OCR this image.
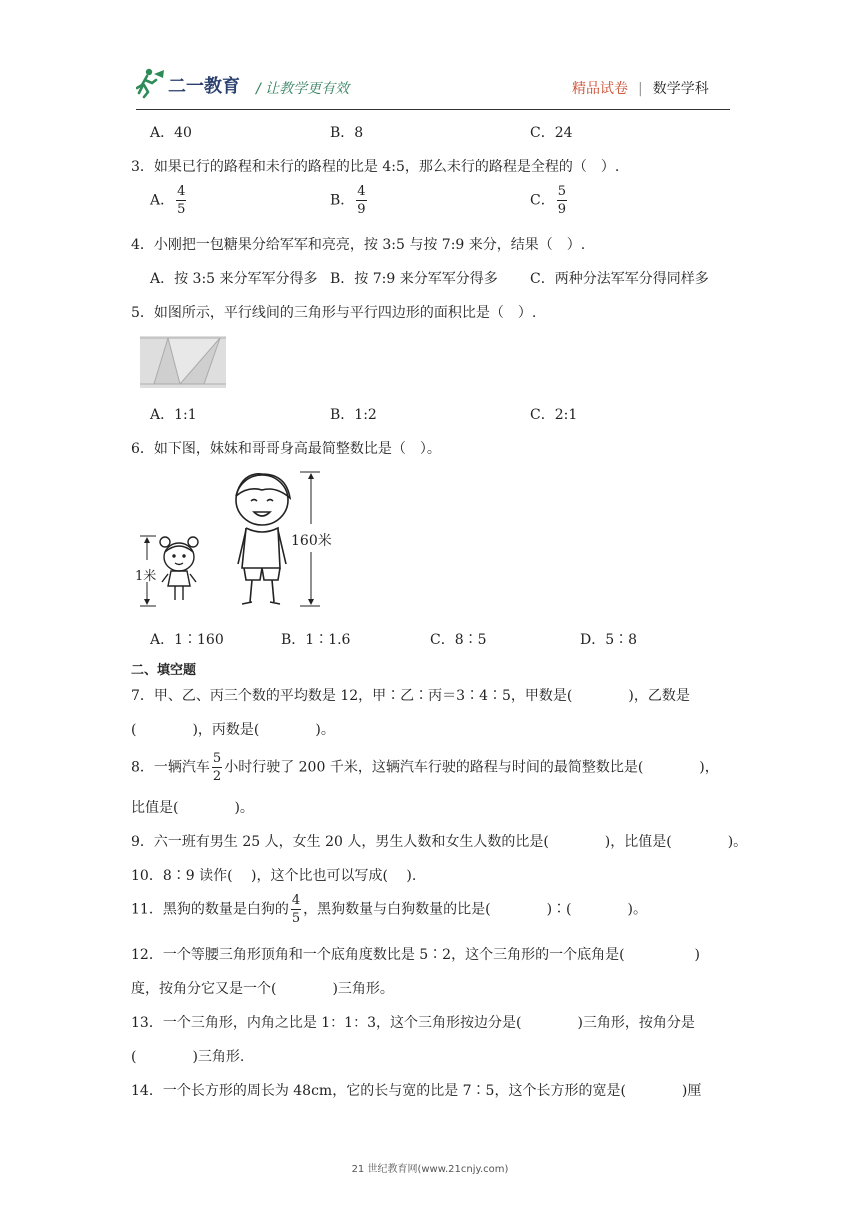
二一教育 / 让教学更有效	精品试卷 | 数学学科
A．40	B．8	C．24
3．如果已行的路程和未行的路程的比是 4:5，那么未行的路程是全程的（　）.
A． $\frac{4}{5}$	B． $\frac{4}{9}$	C． $\frac{5}{9}$
4．小刚把一包糖果分给军军和亮亮，按 3:5 与按 7:9 来分，结果（　）.
A．按 3:5 来分军军分得多 B．按 7:9 来分军军分得多 C．两种分法军军分得同样多
5．如图所示，平行线间的三角形与平行四边形的面积比是（　）.
A．1:1	B．1:2	C．2:1
6．如下图，妹妹和哥哥身高最简整数比是（　）。
160米
1米
A．1∶160	B．1∶1.6	C．8∶5	D．5∶8
二、填空题
7．甲、乙、丙三个数的平均数是 12，甲∶乙∶丙＝3∶4∶5，甲数是(　　　　)，乙数是
(　　　　)，丙数是(　　　　)。
8．一辆汽车 $\frac{5}{2}$ 小时行驶了 200 千米，这辆汽车行驶的路程与时间的最简整数比是(　　　　)，
比值是(　　　　)。
9．六一班有男生 25 人，女生 20 人，男生人数和女生人数的比是(　　　　)，比值是(　　　　)。
10．8∶9 读作(　 )，这个比也可以写成(　 ).
11．黑狗的数量是白狗的 $\frac{4}{5}$ ，黑狗数量与白狗数量的比是(　　　　)∶(　　　　)。
12．一个等腰三角形顶角和一个底角度数比是 5∶2，这个三角形的一个底角是(　　　　　)
度，按角分它又是一个(　　　　)三角形。
13．一个三角形，内角之比是 1：1：3，这个三角形按边分是(　　　　)三角形，按角分是
(　　　　)三角形.
14．一个长方形的周长为 48cm，它的长与宽的比是 7∶5，这个长方形的宽是(　　　　)厘
21 世纪教育网(www.21cnjy.com)
